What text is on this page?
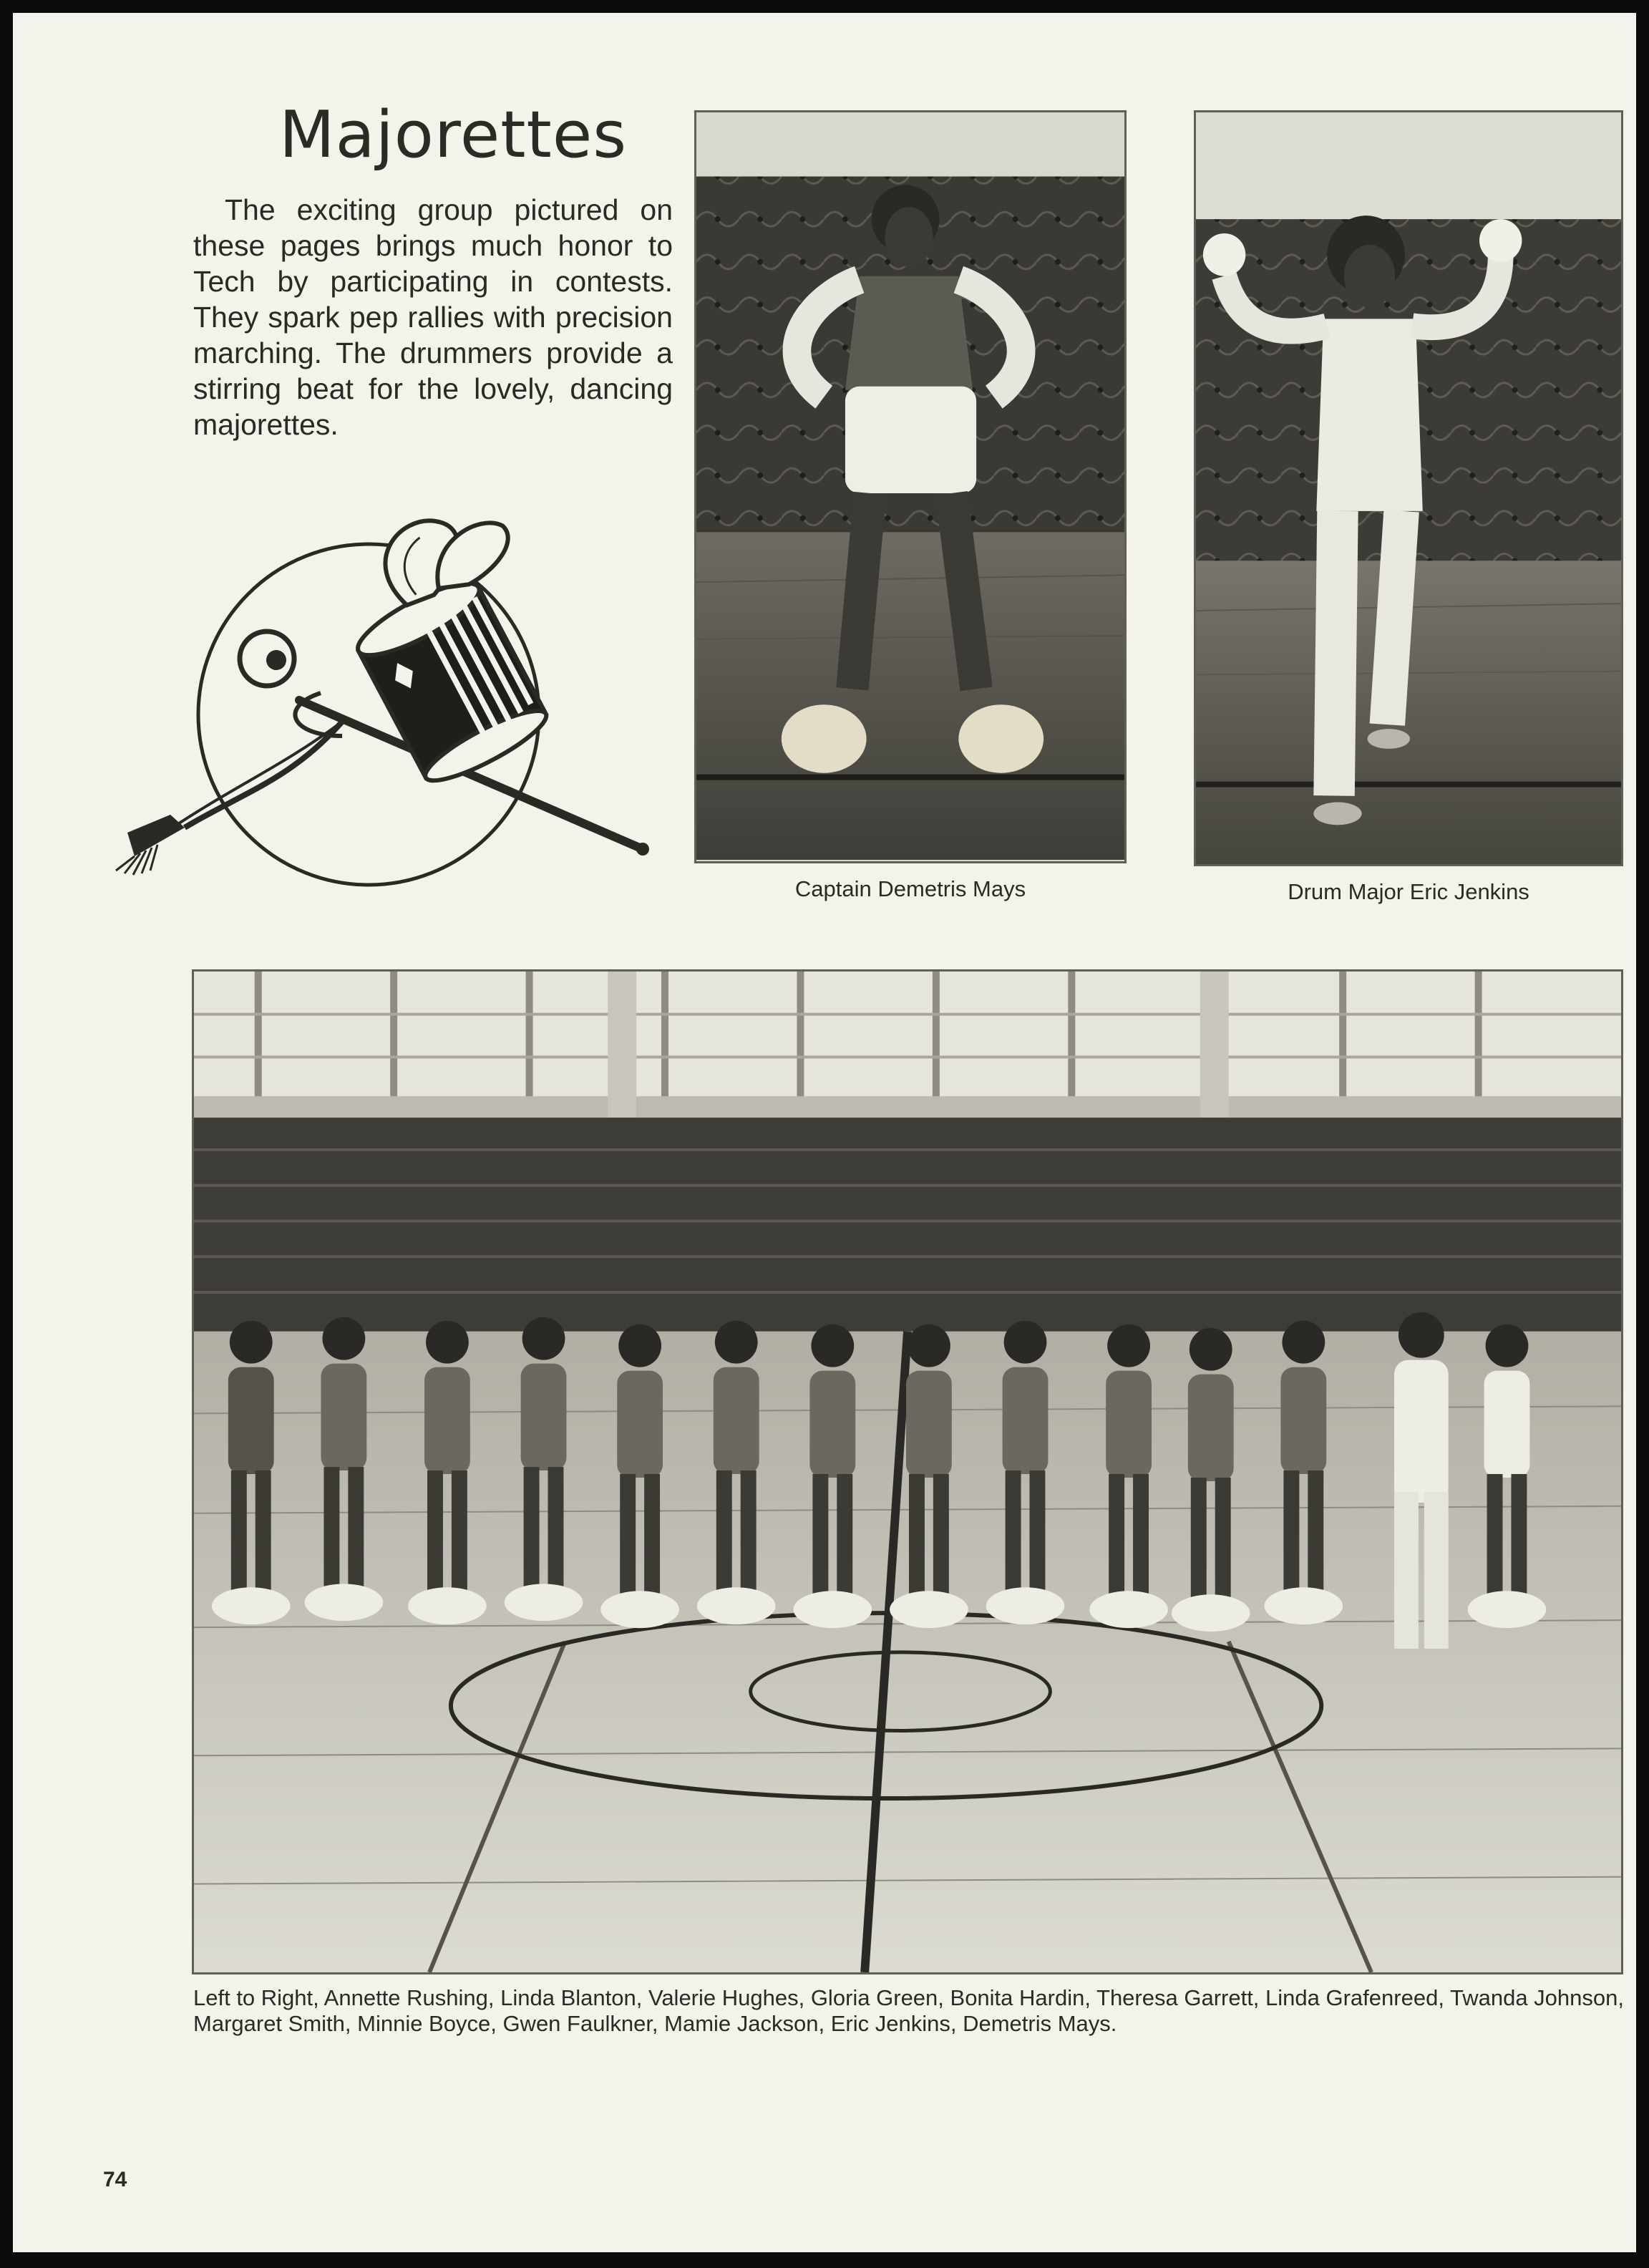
Majorettes
The exciting group pictured on these pages brings much honor to Tech by participating in contests. They spark pep rallies with precision marching. The drummers provide a stirring beat for the lovely, dancing majorettes.
Captain Demetris Mays	Drum Major Eric Jenkins
Left to Right, Annette Rushing, Linda Blanton, Valerie Hughes, Gloria Green, Bonita Hardin, Theresa Garrett, Linda Grafenreed, Twanda Johnson, Margaret Smith, Minnie Boyce, Gwen Faulkner, Mamie Jackson, Eric Jenkins, Demetris Mays.
74
